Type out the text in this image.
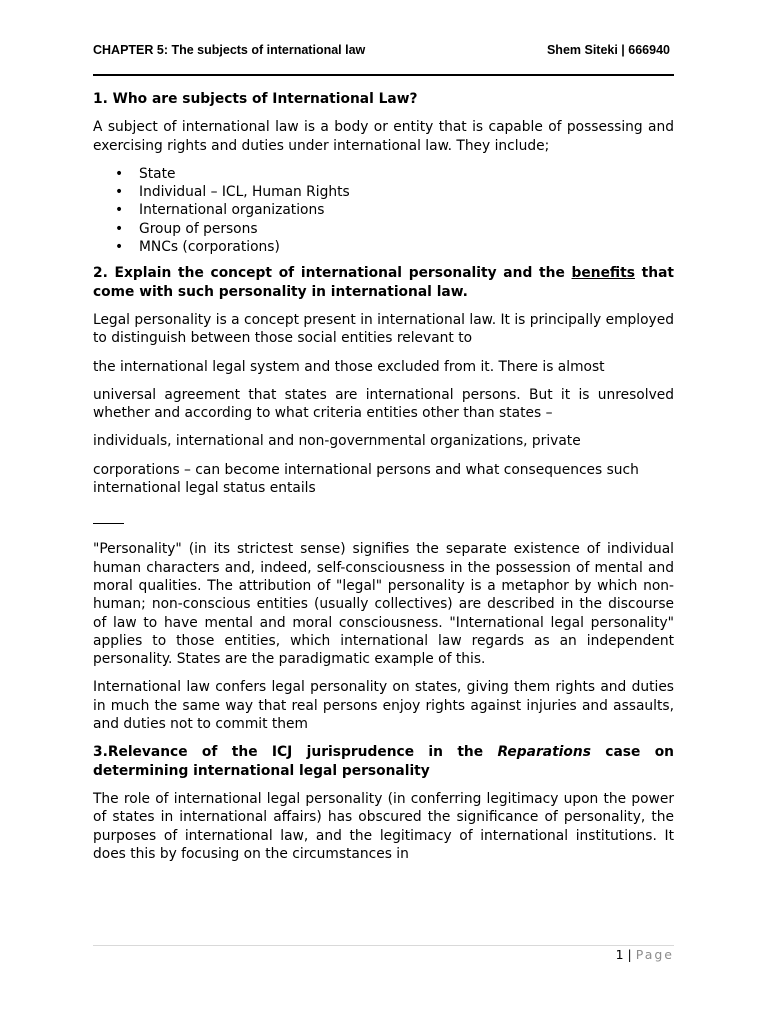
CHAPTER 5: The subjects of international law	Shem Siteki | 666940
1. Who are subjects of International Law?

A subject of international law is a body or entity that is capable of possessing and exercising rights and duties under international law. They include;

• State
• Individual – ICL, Human Rights
• International organizations
• Group of persons
• MNCs (corporations)
2. Explain the concept of international personality and the benefits that come with such personality in international law.

Legal personality is a concept present in international law. It is principally employed to distinguish between those social entities relevant to

the international legal system and those excluded from it. There is almost

universal agreement that states are international persons. But it is unresolved whether and according to what criteria entities other than states –

individuals, international and non-governmental organizations, private

corporations – can become international persons and what consequences such international legal status entails

"Personality" (in its strictest sense) signifies the separate existence of individual human characters and, indeed, self-consciousness in the possession of mental and moral qualities. The attribution of "legal" personality is a metaphor by which non-human; non-conscious entities (usually collectives) are described in the discourse of law to have mental and moral consciousness. "International legal personality" applies to those entities, which international law regards as an independent personality. States are the paradigmatic example of this.

International law confers legal personality on states, giving them rights and duties in much the same way that real persons enjoy rights against injuries and assaults, and duties not to commit them

3.Relevance of the ICJ jurisprudence in the Reparations case on determining international legal personality

The role of international legal personality (in conferring legitimacy upon the power of states in international affairs) has obscured the significance of personality, the purposes of international law, and the legitimacy of international institutions. It does this by focusing on the circumstances in

1 | Page
